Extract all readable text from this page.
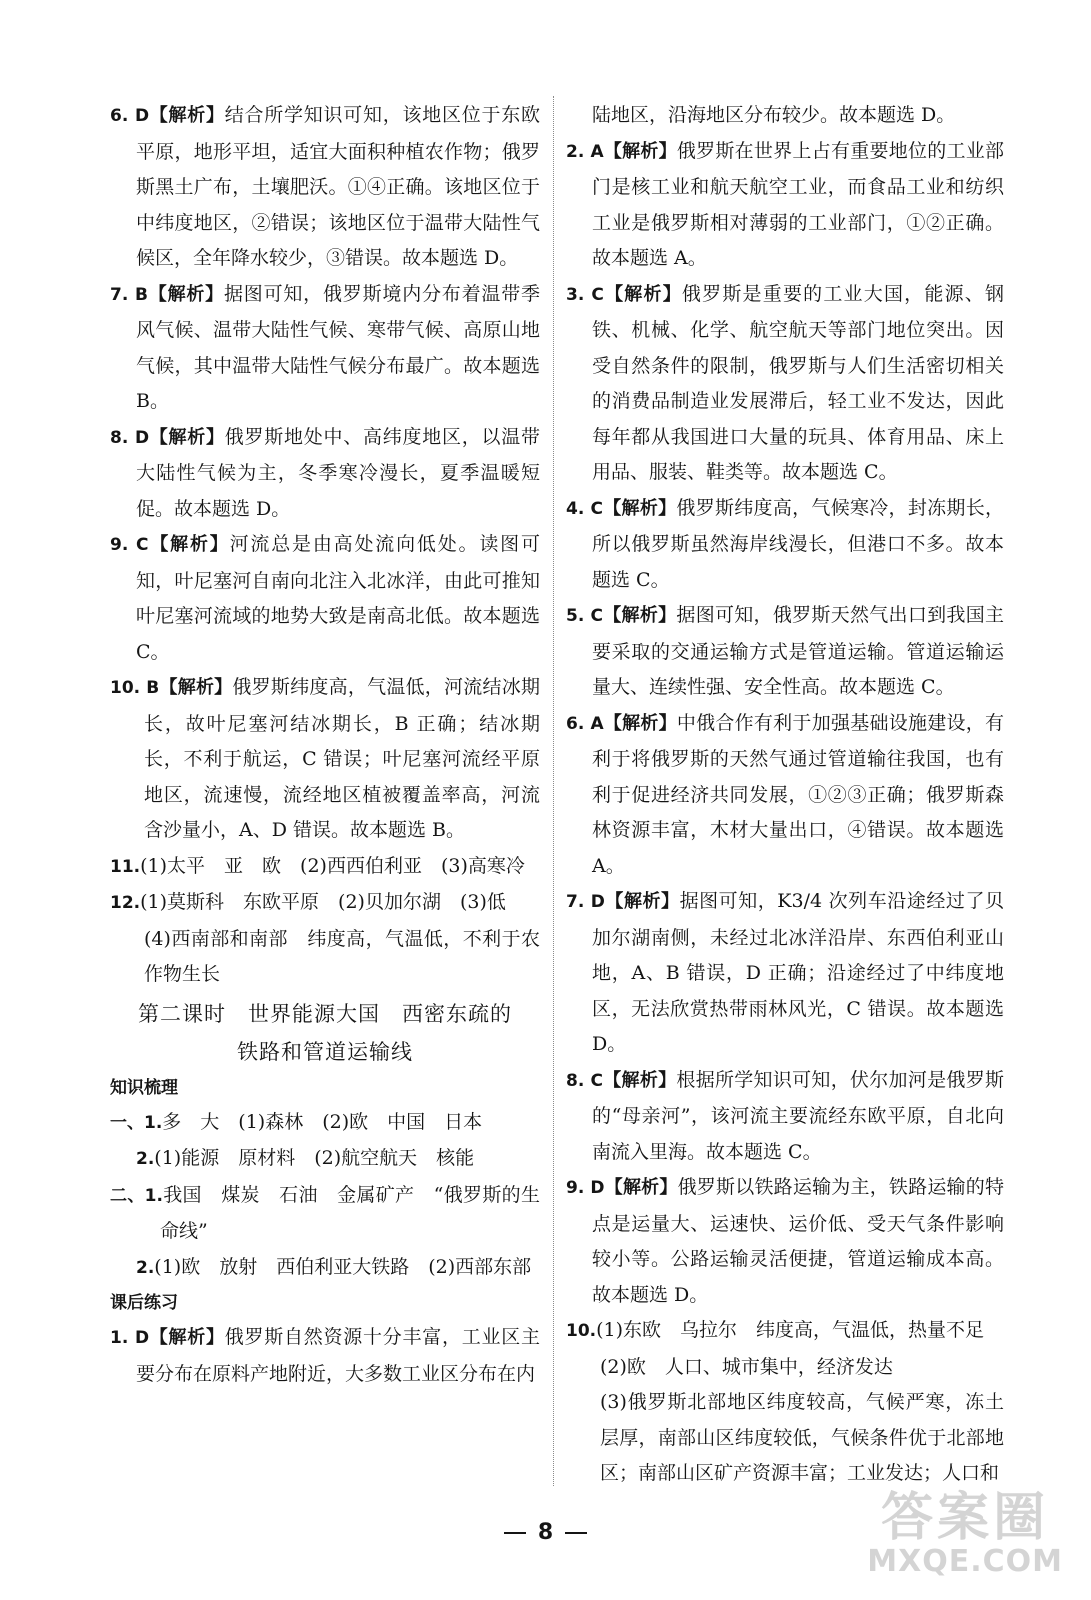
6. D【解析】结合所学知识可知，该地区位于东欧平原，地形平坦，适宜大面积种植农作物；俄罗斯黑土广布，土壤肥沃。①④正确。该地区位于中纬度地区，②错误；该地区位于温带大陆性气候区，全年降水较少，③错误。故本题选 D。
7. B【解析】据图可知，俄罗斯境内分布着温带季风气候、温带大陆性气候、寒带气候、高原山地气候，其中温带大陆性气候分布最广。故本题选 B。
8. D【解析】俄罗斯地处中、高纬度地区，以温带大陆性气候为主，冬季寒冷漫长，夏季温暖短促。故本题选 D。
9. C【解析】河流总是由高处流向低处。读图可知，叶尼塞河自南向北注入北冰洋，由此可推知叶尼塞河流域的地势大致是南高北低。故本题选 C。
10. B【解析】俄罗斯纬度高，气温低，河流结冰期长，故叶尼塞河结冰期长，B 正确；结冰期长，不利于航运，C 错误；叶尼塞河流经平原地区，流速慢，流经地区植被覆盖率高，河流含沙量小，A、D 错误。故本题选 B。
11.(1)太平　亚　欧　(2)西西伯利亚　(3)高寒冷
12.(1)莫斯科　东欧平原　(2)贝加尔湖　(3)低
(4)西南部和南部　纬度高，气温低，不利于农作物生长
第二课时　世界能源大国　西密东疏的
铁路和管道运输线
知识梳理
一、1.多　大　(1)森林　(2)欧　中国　日本
2.(1)能源　原材料　(2)航空航天　核能
二、1.我国　煤炭　石油　金属矿产　“俄罗斯的生命线”
2.(1)欧　放射　西伯利亚大铁路　(2)西部东部
课后练习
1. D【解析】俄罗斯自然资源十分丰富，工业区主要分布在原料产地附近，大多数工业区分布在内
陆地区，沿海地区分布较少。故本题选 D。
2. A【解析】俄罗斯在世界上占有重要地位的工业部门是核工业和航天航空工业，而食品工业和纺织工业是俄罗斯相对薄弱的工业部门，①②正确。故本题选 A。
3. C【解析】俄罗斯是重要的工业大国，能源、钢铁、机械、化学、航空航天等部门地位突出。因受自然条件的限制，俄罗斯与人们生活密切相关的消费品制造业发展滞后，轻工业不发达，因此每年都从我国进口大量的玩具、体育用品、床上用品、服装、鞋类等。故本题选 C。
4. C【解析】俄罗斯纬度高，气候寒冷，封冻期长，所以俄罗斯虽然海岸线漫长，但港口不多。故本题选 C。
5. C【解析】据图可知，俄罗斯天然气出口到我国主要采取的交通运输方式是管道运输。管道运输运量大、连续性强、安全性高。故本题选 C。
6. A【解析】中俄合作有利于加强基础设施建设，有利于将俄罗斯的天然气通过管道输往我国，也有利于促进经济共同发展，①②③正确；俄罗斯森林资源丰富，木材大量出口，④错误。故本题选 A。
7. D【解析】据图可知，K3/4 次列车沿途经过了贝加尔湖南侧，未经过北冰洋沿岸、东西伯利亚山地，A、B 错误，D 正确；沿途经过了中纬度地区，无法欣赏热带雨林风光，C 错误。故本题选 D。
8. C【解析】根据所学知识可知，伏尔加河是俄罗斯的“母亲河”，该河流主要流经东欧平原，自北向南流入里海。故本题选 C。
9. D【解析】俄罗斯以铁路运输为主，铁路运输的特点是运量大、运速快、运价低、受天气条件影响较小等。公路运输灵活便捷，管道运输成本高。故本题选 D。
10.(1)东欧　乌拉尔　纬度高，气温低，热量不足
(2)欧　人口、城市集中，经济发达
(3)俄罗斯北部地区纬度较高，气候严寒，冻土层厚，南部山区纬度较低，气候条件优于北部地区；南部山区矿产资源丰富；工业发达；人口和
8	答案圈
MXQE.COM
